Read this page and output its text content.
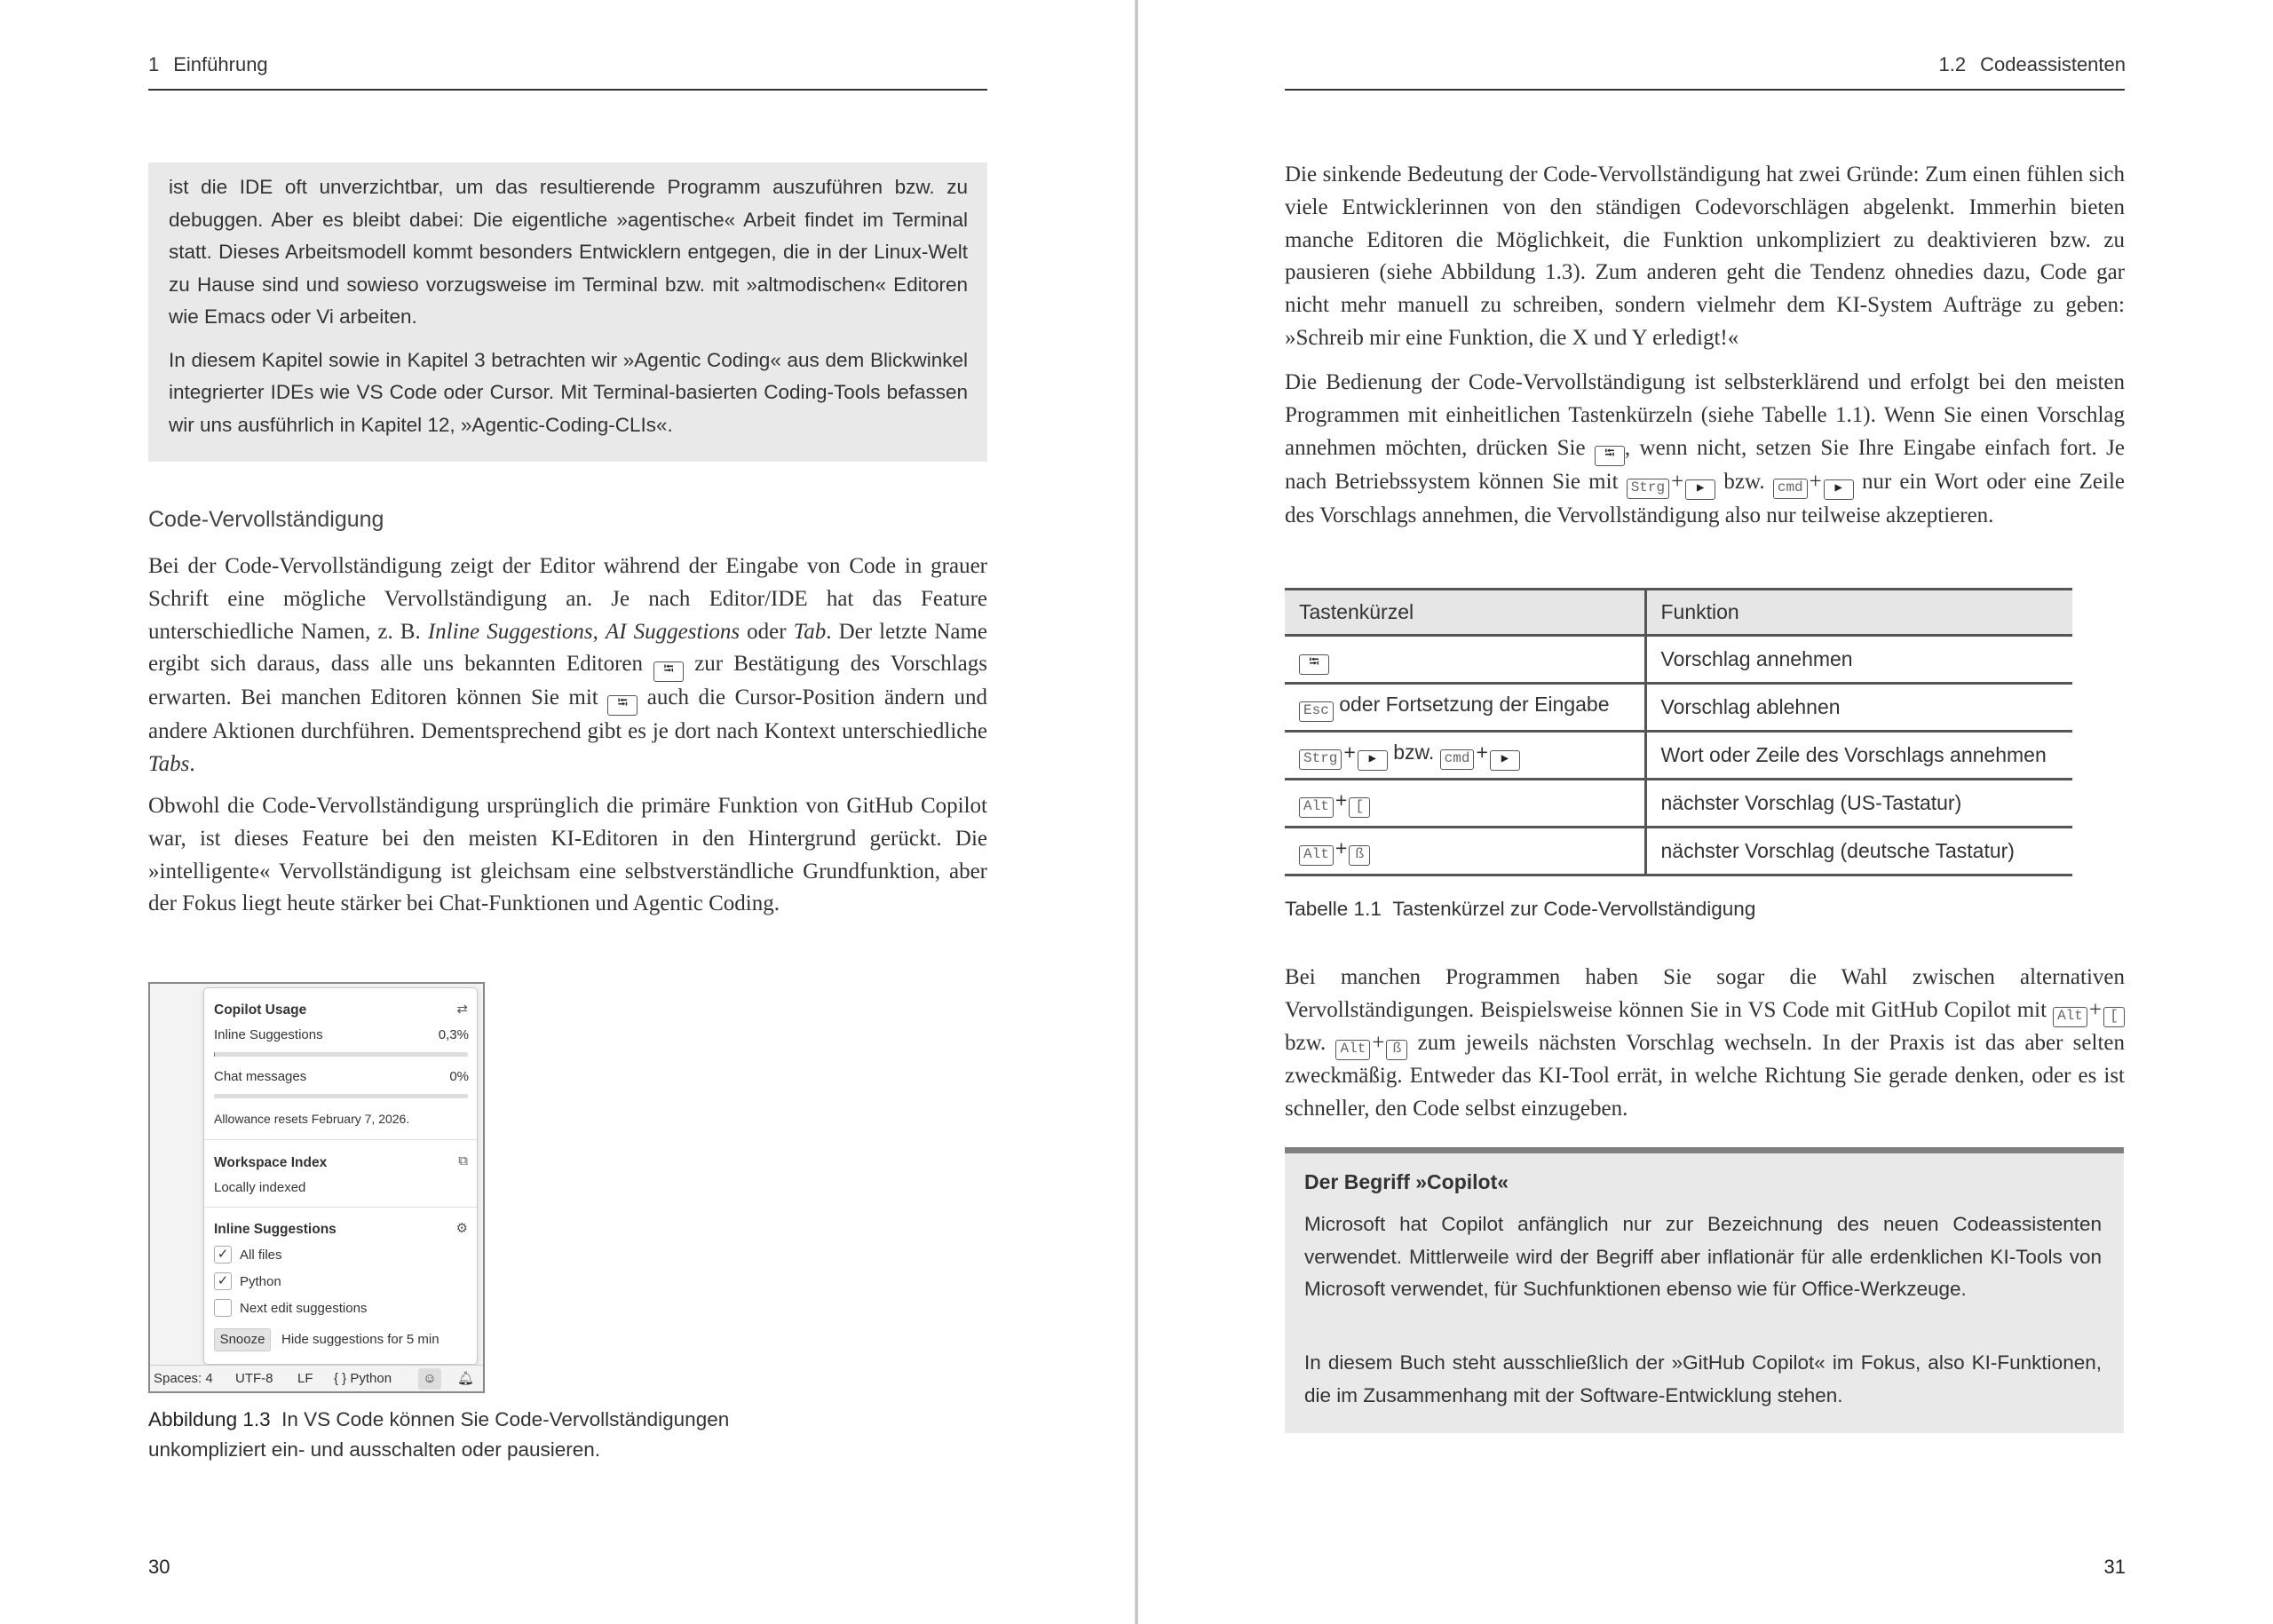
1 Einführung

ist die IDE oft unverzichtbar, um das resultierende Programm auszuführen bzw. zu debuggen. Aber es bleibt dabei: Die eigentliche »agentische« Arbeit findet im Terminal statt. Dieses Arbeitsmodell kommt besonders Entwicklern entgegen, die in der Linux-Welt zu Hause sind und sowieso vorzugsweise im Terminal bzw. mit »altmodischen« Editoren wie Emacs oder Vi arbeiten.

In diesem Kapitel sowie in Kapitel 3 betrachten wir »Agentic Coding« aus dem Blickwinkel integrierter IDEs wie VS Code oder Cursor. Mit Terminal-basierten Coding-Tools befassen wir uns ausführlich in Kapitel 12, »Agentic-Coding-CLIs«.

Code-Vervollständigung

Bei der Code-Vervollständigung zeigt der Editor während der Eingabe von Code in grauer Schrift eine mögliche Vervollständigung an. Je nach Editor/IDE hat das Feature unterschiedliche Namen, z. B. Inline Suggestions, AI Suggestions oder Tab. Der letzte Name ergibt sich daraus, dass alle uns bekannten Editoren ⭾ zur Bestätigung des Vorschlags erwarten. Bei manchen Editoren können Sie mit ⭾ auch die Cursor-Position ändern und andere Aktionen durchführen. Dementsprechend gibt es je dort nach Kontext unterschiedliche Tabs.

Obwohl die Code-Vervollständigung ursprünglich die primäre Funktion von GitHub Copilot war, ist dieses Feature bei den meisten KI-Editoren in den Hintergrund gerückt. Die »intelligente« Vervollständigung ist gleichsam eine selbstverständliche Grundfunktion, aber der Fokus liegt heute stärker bei Chat-Funktionen und Agentic Coding.

Copilot Usage	⇄
Inline Suggestions	0,3%
Chat messages	0%
Allowance resets February 7, 2026.
Workspace Index	⧉
Locally indexed
Inline Suggestions	⚙
✓ All files
✓ Python
Next edit suggestions
Snooze	Hide suggestions for 5 min
Spaces: 4 UTF-8 LF { } Python	☺	🔔︎

Abbildung 1.3 In VS Code können Sie Code-Vervollständigungen unkompliziert ein- und ausschalten oder pausieren.

30
1.2 Codeassistenten

Die sinkende Bedeutung der Code-Vervollständigung hat zwei Gründe: Zum einen fühlen sich viele Entwicklerinnen von den ständigen Codevorschlägen abgelenkt. Immerhin bieten manche Editoren die Möglichkeit, die Funktion unkompliziert zu deaktivieren bzw. zu pausieren (siehe Abbildung 1.3). Zum anderen geht die Tendenz ohnedies dazu, Code gar nicht mehr manuell zu schreiben, sondern vielmehr dem KI-System Aufträge zu geben: »Schreib mir eine Funktion, die X und Y erledigt!«

Die Bedienung der Code-Vervollständigung ist selbsterklärend und erfolgt bei den meisten Programmen mit einheitlichen Tastenkürzeln (siehe Tabelle 1.1). Wenn Sie einen Vorschlag annehmen möchten, drücken Sie ⭾ , wenn nicht, setzen Sie Ihre Eingabe einfach fort. Je nach Betriebssystem können Sie mit Strg + ▶ bzw. cmd + ▶ nur ein Wort oder eine Zeile des Vorschlags annehmen, die Vervollständigung also nur teilweise akzeptieren.

Tastenkürzel	Funktion
⭾	Vorschlag annehmen
Esc oder Fortsetzung der Eingabe	Vorschlag ablehnen
Strg + ▶ bzw. cmd + ▶	Wort oder Zeile des Vorschlags annehmen
Alt + [	nächster Vorschlag (US-Tastatur)
Alt + ß	nächster Vorschlag (deutsche Tastatur)

Tabelle 1.1 Tastenkürzel zur Code-Vervollständigung

Bei manchen Programmen haben Sie sogar die Wahl zwischen alternativen Vervollständigungen. Beispielsweise können Sie in VS Code mit GitHub Copilot mit Alt + [ bzw. Alt + ß zum jeweils nächsten Vorschlag wechseln. In der Praxis ist das aber selten zweckmäßig. Entweder das KI-Tool errät, in welche Richtung Sie gerade denken, oder es ist schneller, den Code selbst einzugeben.

Der Begriff »Copilot«

Microsoft hat Copilot anfänglich nur zur Bezeichnung des neuen Codeassistenten verwendet. Mittlerweile wird der Begriff aber inflationär für alle erdenklichen KI-Tools von Microsoft verwendet, für Suchfunktionen ebenso wie für Office-Werkzeuge.

In diesem Buch steht ausschließlich der »GitHub Copilot« im Fokus, also KI-Funktionen, die im Zusammenhang mit der Software-Entwicklung stehen.

31
